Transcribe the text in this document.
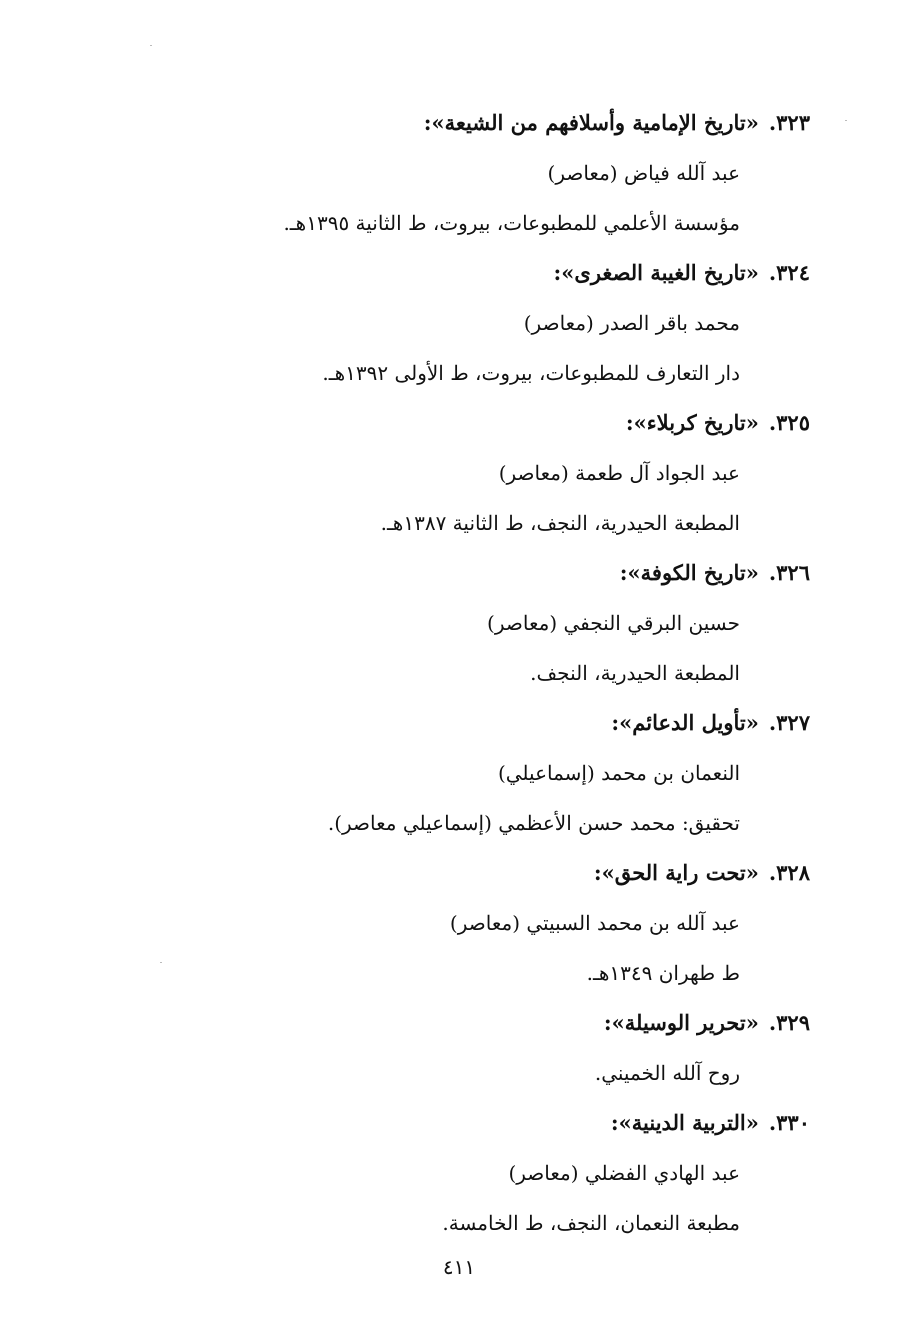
٣٢٣.«تاريخ الإمامية وأسلافهم من الشيعة»:
عبد آلله فياض (معاصر)
مؤسسة الأعلمي للمطبوعات، بيروت، ط الثانية ١٣٩٥هـ.
٣٢٤.«تاريخ الغيبة الصغرى»:
محمد باقر الصدر (معاصر)
دار التعارف للمطبوعات، بيروت، ط الأولى ١٣٩٢هـ.
٣٢٥.«تاريخ كربلاء»:
عبد الجواد آل طعمة (معاصر)
المطبعة الحيدرية، النجف، ط الثانية ١٣٨٧هـ.
٣٢٦.«تاريخ الكوفة»:
حسين البرقي النجفي (معاصر)
المطبعة الحيدرية، النجف.
٣٢٧.«تأويل الدعائم»:
النعمان بن محمد (إسماعيلي)
تحقيق: محمد حسن الأعظمي (إسماعيلي معاصر).
٣٢٨.«تحت راية الحق»:
عبد آلله بن محمد السبيتي (معاصر)
ط طهران ١٣٤٩هـ.
٣٢٩.«تحرير الوسيلة»:
روح آلله الخميني.
٣٣٠.«التربية الدينية»:
عبد الهادي الفضلي (معاصر)
مطبعة النعمان، النجف، ط الخامسة.
٤١١
